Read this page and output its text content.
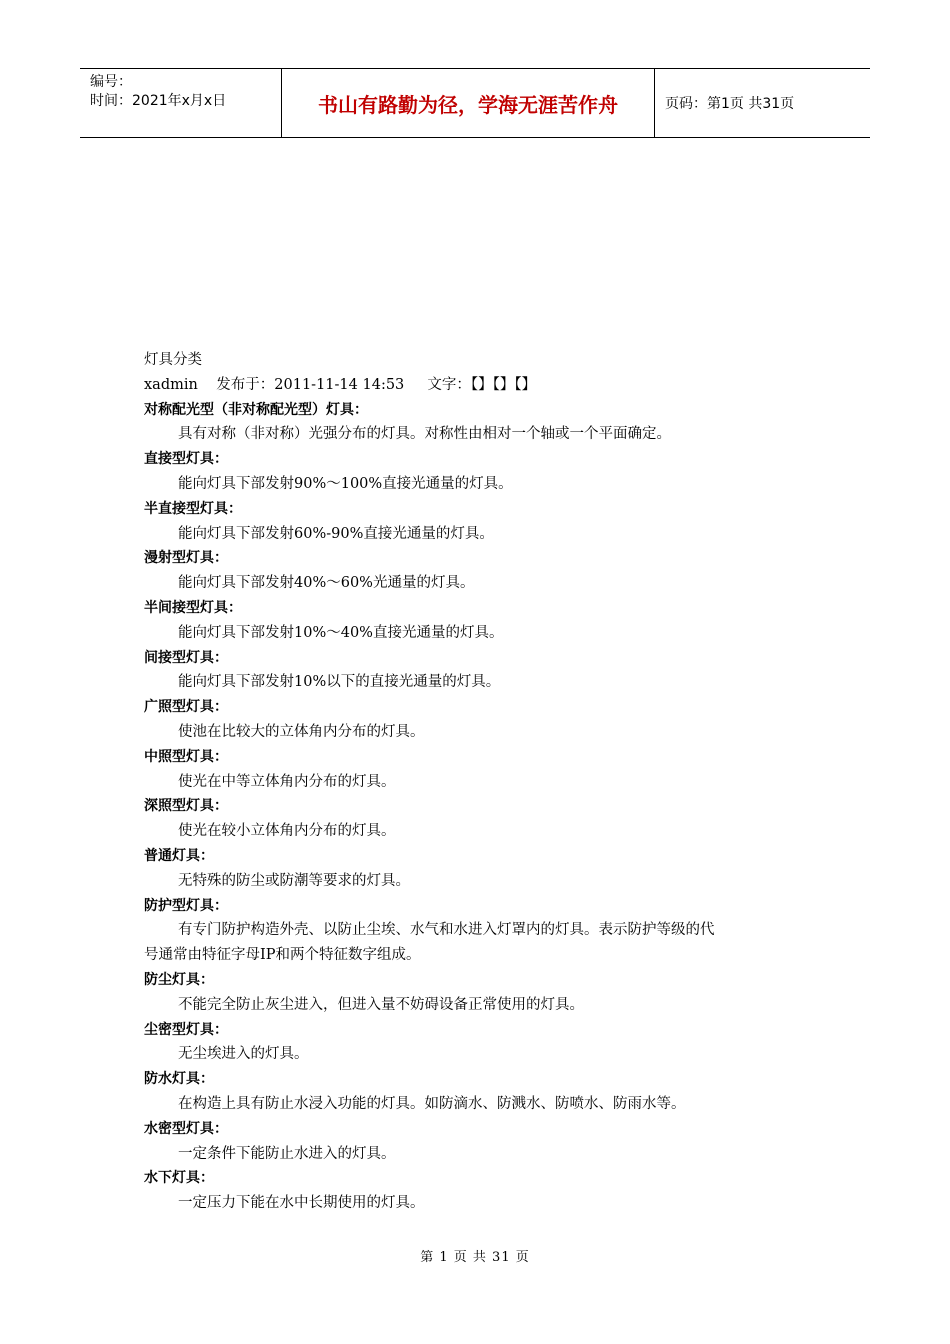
编号：
时间：2021年x月x日	书山有路勤为径，学海无涯苦作舟	页码：第1页 共31页
灯具分类
xadmin 发布于：2011-11-14 14:53 文字：【】【】【】
对称配光型（非对称配光型）灯具：
具有对称（非对称）光强分布的灯具。对称性由相对一个轴或一个平面确定。
直接型灯具：
能向灯具下部发射90%～100%直接光通量的灯具。
半直接型灯具：
能向灯具下部发射60%-90%直接光通量的灯具。
漫射型灯具：
能向灯具下部发射40%～60%光通量的灯具。
半间接型灯具：
能向灯具下部发射10%～40%直接光通量的灯具。
间接型灯具：
能向灯具下部发射10%以下的直接光通量的灯具。
广照型灯具：
使池在比较大的立体角内分布的灯具。
中照型灯具：
使光在中等立体角内分布的灯具。
深照型灯具：
使光在较小立体角内分布的灯具。
普通灯具：
无特殊的防尘或防潮等要求的灯具。
防护型灯具：
有专门防护构造外壳、以防止尘埃、水气和水进入灯罩内的灯具。表示防护等级的代
号通常由特征字母IP和两个特征数字组成。
防尘灯具：
不能完全防止灰尘进入，但进入量不妨碍设备正常使用的灯具。
尘密型灯具：
无尘埃进入的灯具。
防水灯具：
在构造上具有防止水浸入功能的灯具。如防滴水、防溅水、防喷水、防雨水等。
水密型灯具：
一定条件下能防止水进入的灯具。
水下灯具：
一定压力下能在水中长期使用的灯具。
第 1 页 共 31 页
